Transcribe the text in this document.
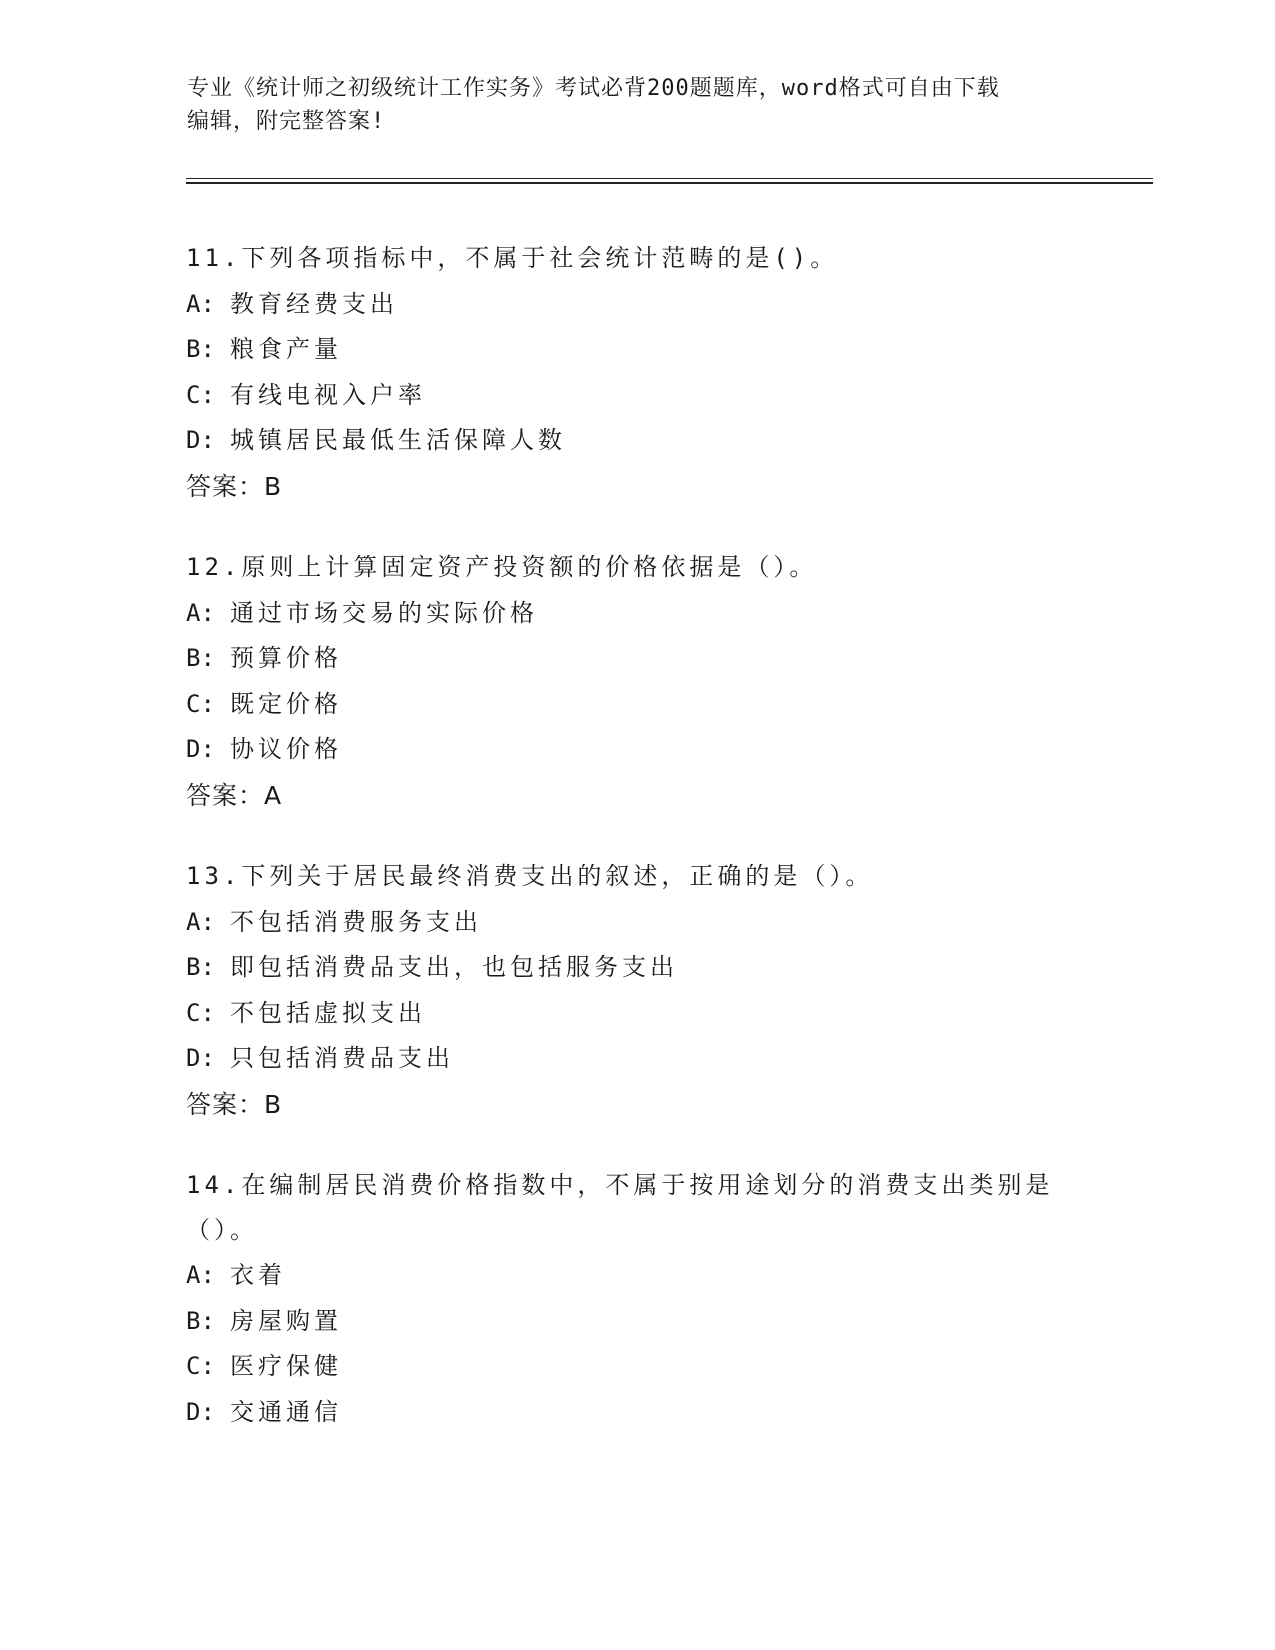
专业《统计师之初级统计工作实务》考试必背200题题库，word格式可自由下载
编辑，附完整答案!
11.下列各项指标中，不属于社会统计范畴的是()。
A: 教育经费支出
B: 粮食产量
C: 有线电视入户率
D: 城镇居民最低生活保障人数
答案：B
12.原则上计算固定资产投资额的价格依据是（）。
A: 通过市场交易的实际价格
B: 预算价格
C: 既定价格
D: 协议价格
答案：A
13.下列关于居民最终消费支出的叙述，正确的是（）。
A: 不包括消费服务支出
B: 即包括消费品支出，也包括服务支出
C: 不包括虚拟支出
D: 只包括消费品支出
答案：B
14.在编制居民消费价格指数中，不属于按用途划分的消费支出类别是（）。
A: 衣着
B: 房屋购置
C: 医疗保健
D: 交通通信
